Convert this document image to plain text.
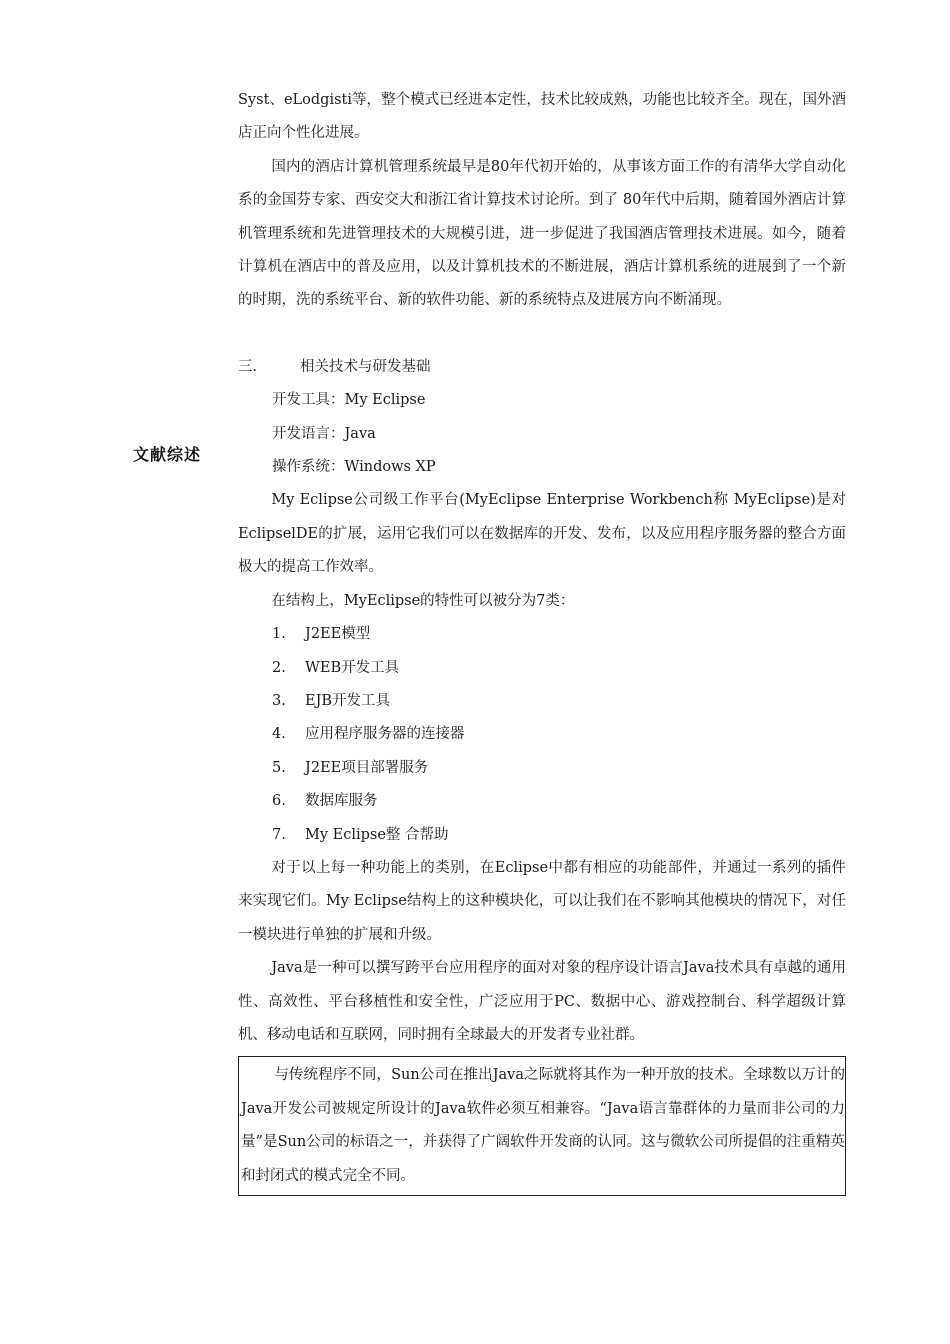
文献综述

Syst、eLodgisti等，整个模式已经进本定性，技术比较成熟，功能也比较齐全。现在，国外酒店正向个性化进展。

国内的酒店计算机管理系统最早是80年代初开始的，从事该方面工作的有清华大学自动化系的金国芬专家、西安交大和浙江省计算技术讨论所。到了 80年代中后期，随着国外酒店计算机管理系统和先进管理技术的大规模引进，进一步促进了我国酒店管理技术进展。如今，随着计算机在酒店中的普及应用，以及计算机技术的不断进展，酒店计算机系统的进展到了一个新的时期，洗的系统平台、新的软件功能、新的系统特点及进展方向不断涌现。

三.	相关技术与研发基础
开发工具：My Eclipse
开发语言：Java
操作系统：Windows XP

My Eclipse公司级工作平台(MyEclipse Enterprise Workbench称 MyEclipse)是对EclipselDE的扩展，运用它我们可以在数据库的开发、发布，以及应用程序服务器的整合方面极大的提高工作效率。

在结构上，MyEclipse的特性可以被分为7类：

1.	J2EE模型
2.	WEB开发工具
3.	EJB开发工具
4.	应用程序服务器的连接器
5.	J2EE项目部署服务
6.	数据库服务
7.	My Eclipse整 合帮助

对于以上每一种功能上的类别，在Eclipse中都有相应的功能部件，并通过一系列的插件来实现它们。My Eclipse结构上的这种模块化，可以让我们在不影响其他模块的情况下，对任一模块进行单独的扩展和升级。

Java是一种可以撰写跨平台应用程序的面对对象的程序设计语言Java技术具有卓越的通用性、高效性、平台移植性和安全性，广泛应用于PC、数据中心、游戏控制台、科学超级计算机、移动电话和互联网，同时拥有全球最大的开发者专业社群。

与传统程序不同，Sun公司在推出Java之际就将其作为一种开放的技术。全球数以万计的Java开发公司被规定所设计的Java软件必须互相兼容。“Java语言靠群体的力量而非公司的力量”是Sun公司的标语之一，并获得了广阔软件开发商的认同。这与微软公司所提倡的注重精英和封闭式的模式完全不同。
